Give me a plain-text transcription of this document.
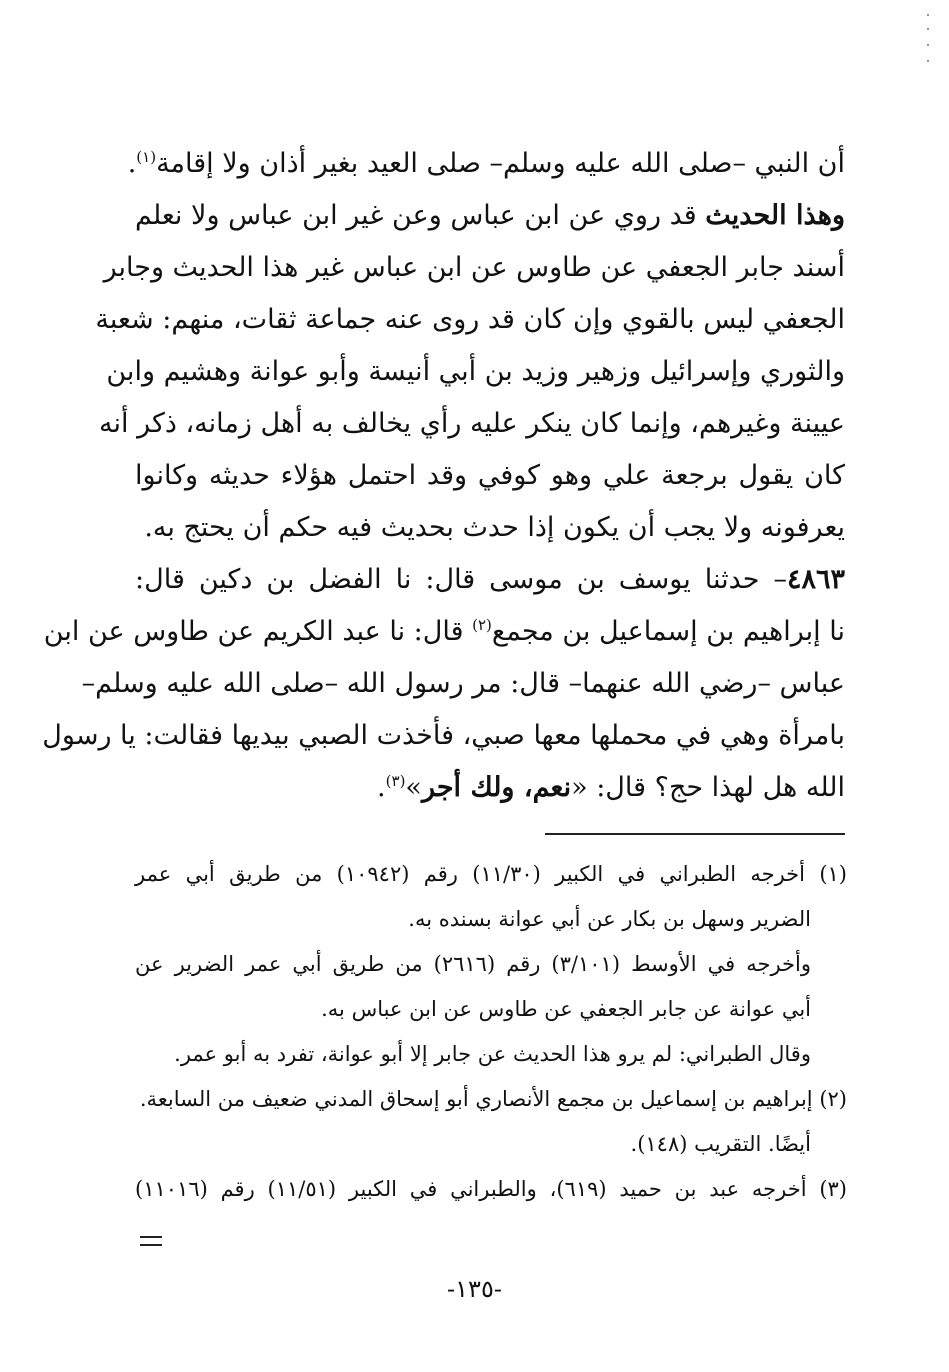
أن النبي –صلى الله عليه وسلم– صلى العيد بغير أذان ولا إقامة$^{(١)}$.
وهذا الحديث قد روي عن ابن عباس وعن غير ابن عباس ولا نعلم
أسند جابر الجعفي عن طاوس عن ابن عباس غير هذا الحديث وجابر
الجعفي ليس بالقوي وإن كان قد روى عنه جماعة ثقات، منهم: شعبة
والثوري وإسرائيل وزهير وزيد بن أبي أنيسة وأبو عوانة وهشيم وابن
عيينة وغيرهم، وإنما كان ينكر عليه رأي يخالف به أهل زمانه، ذكر أنه
كان يقول برجعة علي وهو كوفي وقد احتمل هؤلاء حديثه وكانوا
يعرفونه ولا يجب أن يكون إذا حدث بحديث فيه حكم أن يحتج به.
٤٨٦٣– حدثنا يوسف بن موسى قال: نا الفضل بن دكين قال:
نا إبراهيم بن إسماعيل بن مجمع$^{(٢)}$ قال: نا عبد الكريم عن طاوس عن ابن
عباس –رضي الله عنهما– قال: مر رسول الله –صلى الله عليه وسلم–
بامرأة وهي في محملها معها صبي، فأخذت الصبي بيديها فقالت: يا رسول
الله هل لهذا حج؟ قال: «نعم، ولك أجر»$^{(٣)}$.
(١) أخرجه الطبراني في الكبير (١١/٣٠) رقم (١٠٩٤٢) من طريق أبي عمر
الضرير وسهل بن بكار عن أبي عوانة بسنده به.
وأخرجه في الأوسط (٣/١٠١) رقم (٢٦١٦) من طريق أبي عمر الضرير عن
أبي عوانة عن جابر الجعفي عن طاوس عن ابن عباس به.
وقال الطبراني: لم يرو هذا الحديث عن جابر إلا أبو عوانة، تفرد به أبو عمر.
(٢) إبراهيم بن إسماعيل بن مجمع الأنصاري أبو إسحاق المدني ضعيف من السابعة.
أيضًا. التقريب (١٤٨).
(٣) أخرجه عبد بن حميد (٦١٩)، والطبراني في الكبير (١١/٥١) رقم (١١٠١٦)
-١٣٥-
